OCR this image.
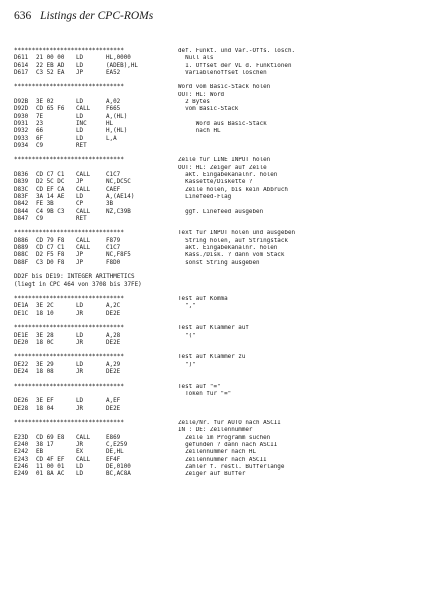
636 Listings der CPC-ROMs
*******************************	def. Funkt. und Var.-Offs. lösch.
D611	21 00 00	LD	HL,0000	Null als
D614	22 EB AD	LD	(ADEB),HL	1. Offset der VL d. Funktionen
D617	C3 52 EA	JP	EA52	Variablenoffset löschen
*******************************	Word vom Basic-Stack holen
OUT: HL: Word
D92B	3E 02	LD	A,02	2 Bytes
D92D	CD 65 F6	CALL	F665	vom Basic-Stack
D930	7E	LD	A,(HL)
D931	23	INC	HL	Word aus Basic-Stack
D932	66	LD	H,(HL)	nach HL
D933	6F	LD	L,A
D934	C9	RET
*******************************	Zeile für LINE INPUT holen
OUT: HL: Zeiger auf Zeile
D836	CD C7 C1	CALL	C1C7	akt. Eingabekanalnr. holen
D839	D2 5C DC	JP	NC,DC5C	Kassette/Diskette ?
D83C	CD EF CA	CALL	CAEF	Zeile holen, bis kein Abbruch
D83F	3A 14 AE	LD	A,(AE14)	Linefeed-Flag
D842	FE 3B	CP	3B
D844	C4 9B C3	CALL	NZ,C39B	ggf. Linefeed ausgeben
D847	C9	RET
*******************************	Text für INPUT holen und ausgeben
D886	CD 79 F8	CALL	F879	String holen, auf Stringstack
D889	CD C7 C1	CALL	C1C7	akt. Eingabekanalnr. holen
D88C	D2 F5 F8	JP	NC,F8F5	Kass./Disk. ? dann vom Stack
D88F	C3 D0 F8	JP	F8D0	sonst String ausgeben
DD2F bis DE19: INTEGER ARITHMETICS
(liegt in CPC 464 von 3708 bis 37FE)
*******************************	Test auf Komma
DE1A	3E 2C	LD	A,2C	","
DE1C	18 10	JR	DE2E
*******************************	Test auf Klammer auf
DE1E	3E 28	LD	A,28	"("
DE20	18 0C	JR	DE2E
*******************************	Test auf Klammer zu
DE22	3E 29	LD	A,29	")"
DE24	18 08	JR	DE2E
*******************************	Test auf "="
Token für "="
DE26	3E EF	LD	A,EF
DE28	18 04	JR	DE2E
*******************************	Zeile/Nr. für AUTO nach ASCII
IN : DE: Zeilennummer
E23D	CD 69 E8	CALL	E869	Zeile im Programm suchen
E240	38 17	JR	C,E259	gefunden ? dann nach ASCII
E242	EB	EX	DE,HL	Zeilennummer nach HL
E243	CD 4F EF	CALL	EF4F	Zeilennummer nach ASCII
E246	11 00 01	LD	DE,0100	Zähler f. restl. Bufferlänge
E249	01 8A AC	LD	BC,AC8A	Zeiger auf Buffer
